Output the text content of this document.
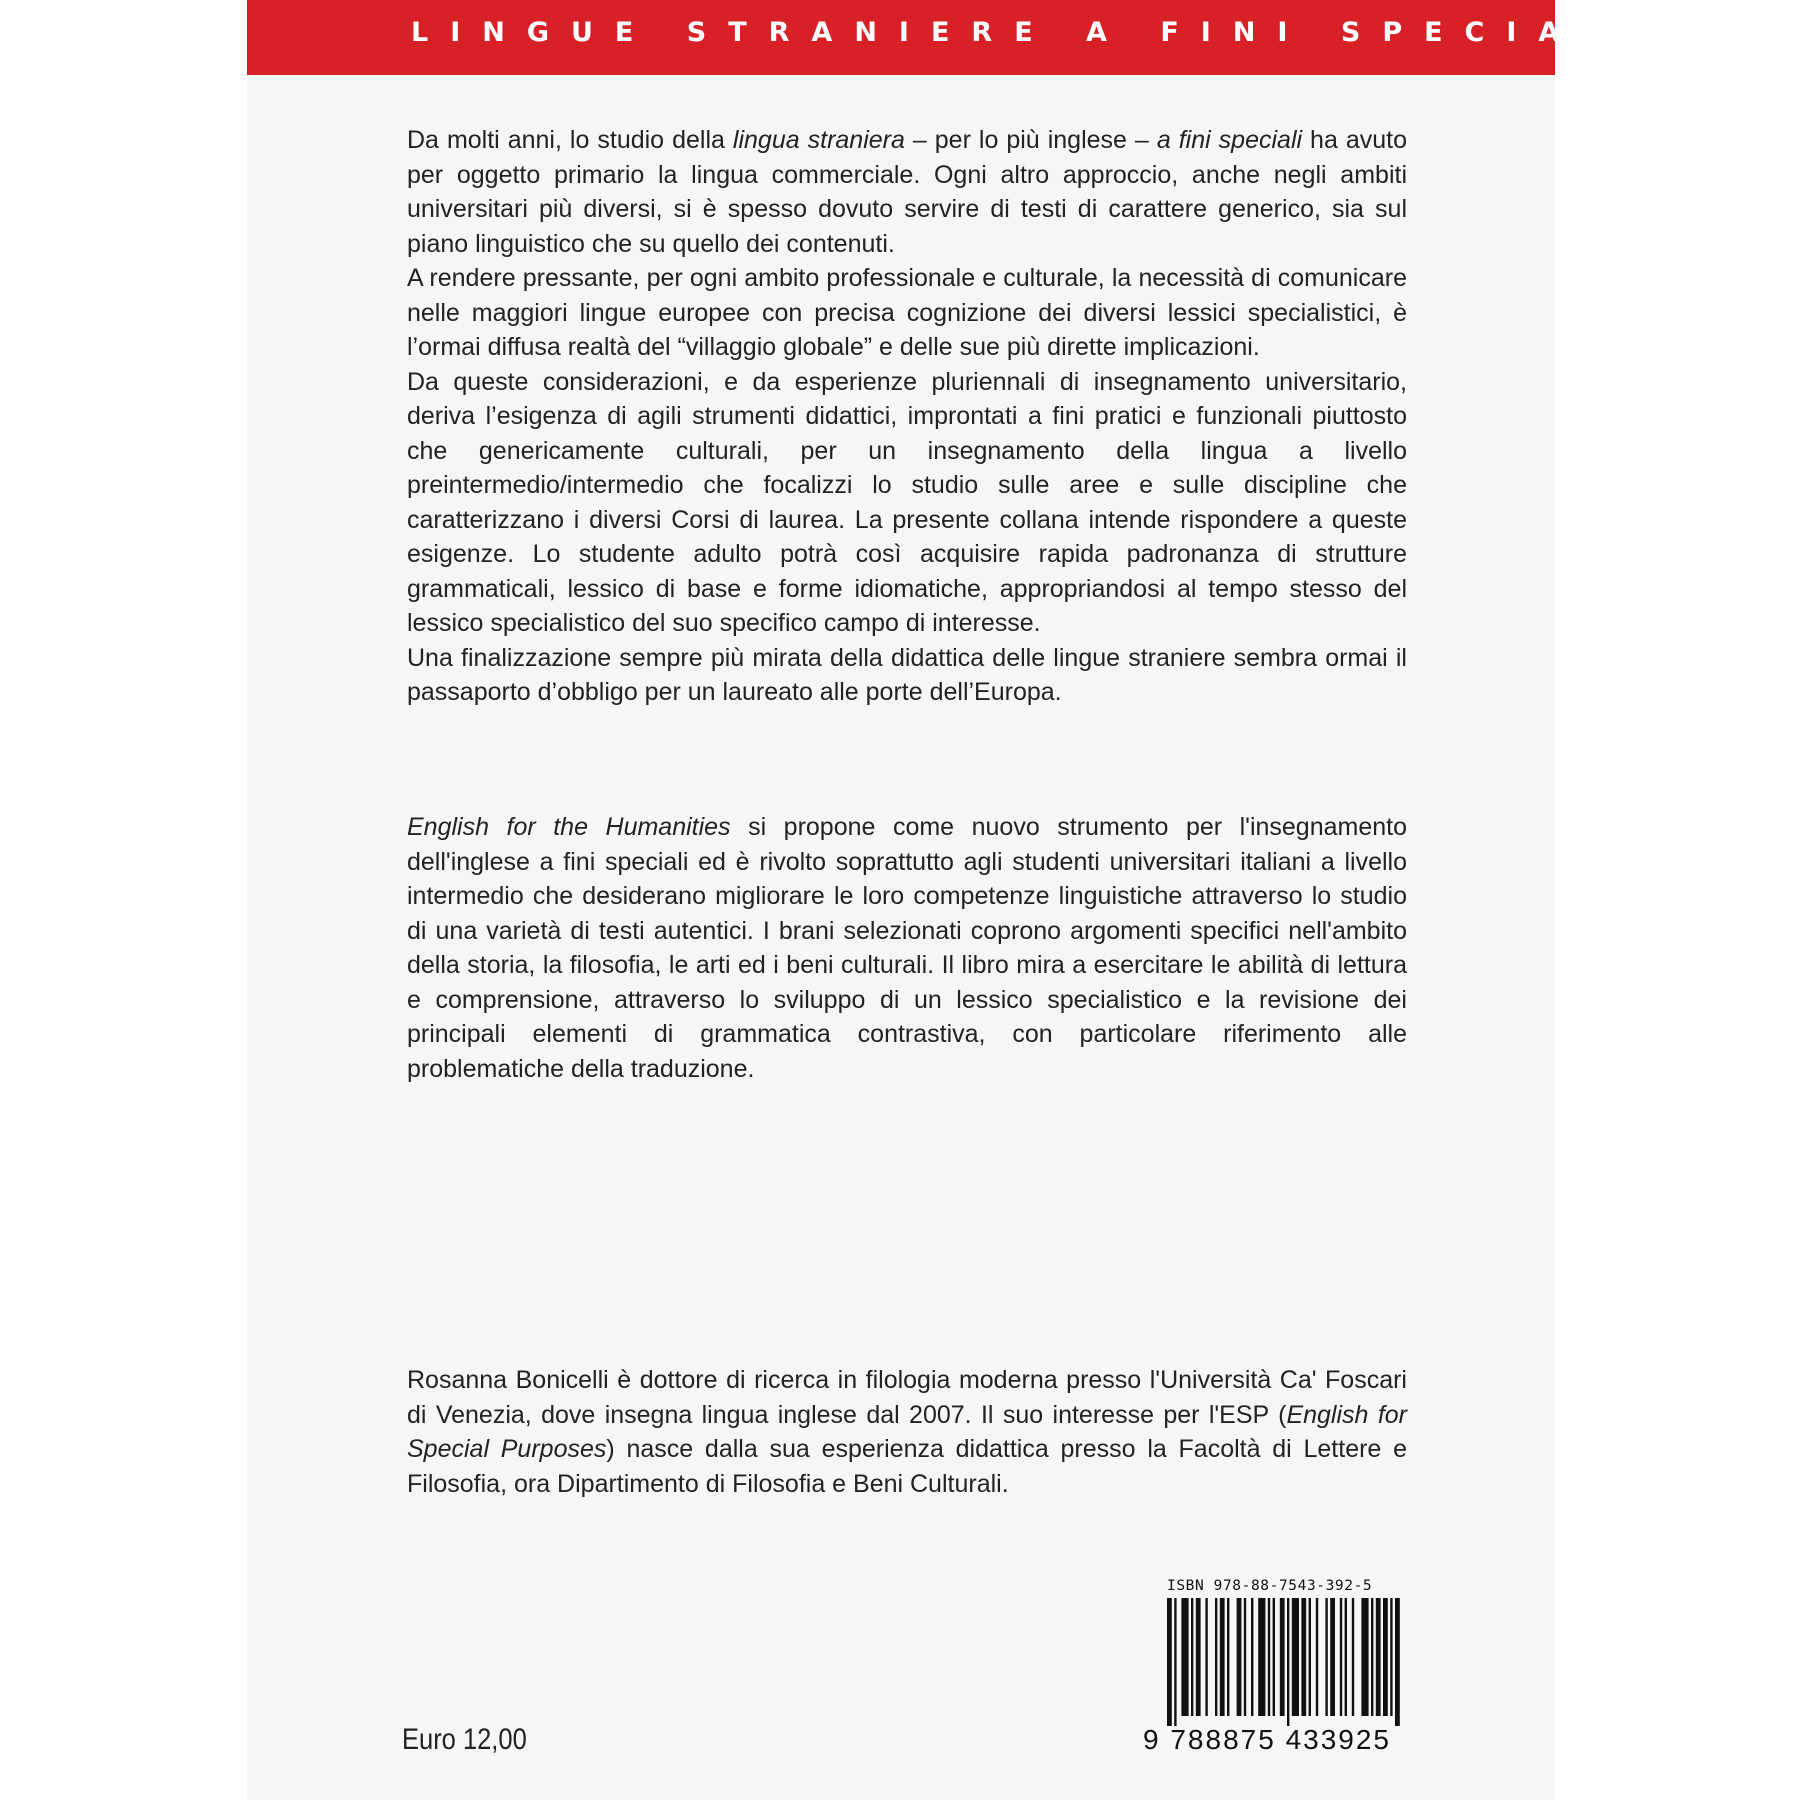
LINGUE STRANIERE A FINI SPECIALI

Da molti anni, lo studio della lingua straniera – per lo più inglese – a fini speciali ha avuto per oggetto primario la lingua commerciale. Ogni altro approccio, anche negli ambiti universitari più diversi, si è spesso dovuto servire di testi di carattere generico, sia sul piano linguistico che su quello dei contenuti.

A rendere pressante, per ogni ambito professionale e culturale, la necessità di comunicare nelle maggiori lingue europee con precisa cognizione dei diversi lessici specialistici, è l’ormai diffusa realtà del “villaggio globale” e delle sue più dirette implicazioni.

Da queste considerazioni, e da esperienze pluriennali di insegnamento universitario, deriva l’esigenza di agili strumenti didattici, improntati a fini pratici e funzionali piuttosto che genericamente culturali, per un insegnamento della lingua a livello preintermedio/intermedio che focalizzi lo studio sulle aree e sulle discipline che caratterizzano i diversi Corsi di laurea. La presente collana intende rispondere a queste esigenze. Lo studente adulto potrà così acquisire rapida padronanza di strutture grammaticali, lessico di base e forme idiomatiche, appropriandosi al tempo stesso del lessico specialistico del suo specifico campo di interesse.

Una finalizzazione sempre più mirata della didattica delle lingue straniere sembra ormai il passaporto d’obbligo per un laureato alle porte dell’Europa.

English for the Humanities si propone come nuovo strumento per l'insegnamento dell'inglese a fini speciali ed è rivolto soprattutto agli studenti universitari italiani a livello intermedio che desiderano migliorare le loro competenze linguistiche attraverso lo studio di una varietà di testi autentici. I brani selezionati coprono argomenti specifici nell'ambito della storia, la filosofia, le arti ed i beni culturali. Il libro mira a esercitare le abilità di lettura e comprensione, attraverso lo sviluppo di un lessico specialistico e la revisione dei principali elementi di grammatica contrastiva, con particolare riferimento alle problematiche della traduzione.

Rosanna Bonicelli è dottore di ricerca in filologia moderna presso l'Università Ca' Foscari di Venezia, dove insegna lingua inglese dal 2007. Il suo interesse per l'ESP (English for Special Purposes) nasce dalla sua esperienza didattica presso la Facoltà di Lettere e Filosofia, ora Dipartimento di Filosofia e Beni Culturali.

ISBN 978-88-7543-392-5
9 788875 433925
Euro 12,00
